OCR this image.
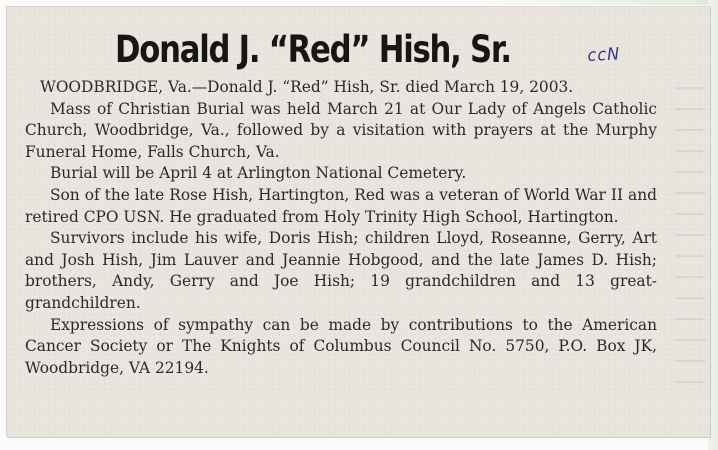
Donald J. “Red” Hish, Sr.	ccN

WOODBRIDGE, Va.—Donald J. “Red” Hish, Sr. died March 19, 2003.

Mass of Christian Burial was held March 21 at Our Lady of Angels Catholic Church, Woodbridge, Va., followed by a visitation with prayers at the Murphy Funeral Home, Falls Church, Va.

Burial will be April 4 at Arlington National Cemetery.

Son of the late Rose Hish, Hartington, Red was a veteran of World War II and retired CPO USN. He graduated from Holy Trinity High School, Hartington.

Survivors include his wife, Doris Hish; children Lloyd, Roseanne, Gerry, Art and Josh Hish, Jim Lauver and Jeannie Hobgood, and the late James D. Hish; brothers, Andy, Gerry and Joe Hish; 19 grandchildren and 13 great-grandchildren.

Expressions of sympathy can be made by contributions to the American Cancer Society or The Knights of Columbus Council No. 5750, P.O. Box JK, Woodbridge, VA 22194.
